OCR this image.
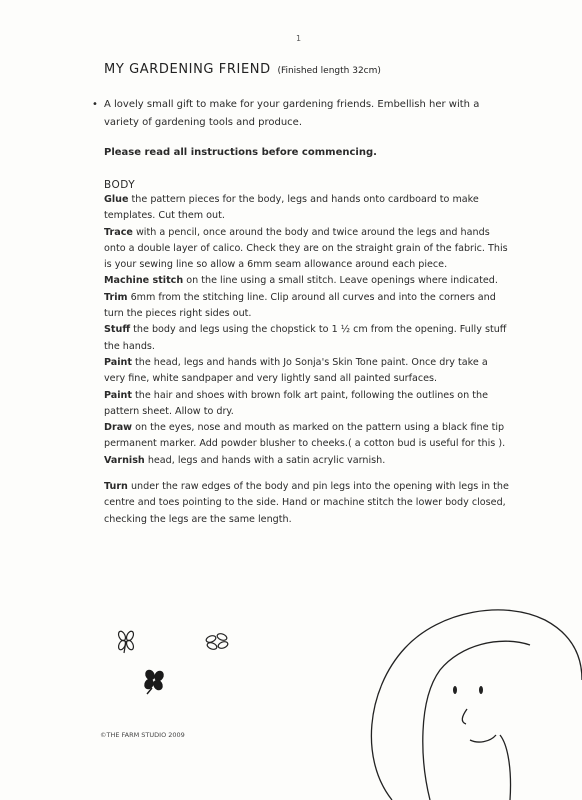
1
MY GARDENING FRIEND (Finished length 32cm)
• A lovely small gift to make for your gardening friends. Embellish her with a variety of gardening tools and produce.
Please read all instructions before commencing.
BODY

Glue the pattern pieces for the body, legs and hands onto cardboard to make templates. Cut them out.

Trace with a pencil, once around the body and twice around the legs and hands onto a double layer of calico. Check they are on the straight grain of the fabric. This is your sewing line so allow a 6mm seam allowance around each piece.

Machine stitch on the line using a small stitch. Leave openings where indicated.

Trim 6mm from the stitching line. Clip around all curves and into the corners and turn the pieces right sides out.

Stuff the body and legs using the chopstick to 1 ½ cm from the opening. Fully stuff the hands.

Paint the head, legs and hands with Jo Sonja's Skin Tone paint. Once dry take a very fine, white sandpaper and very lightly sand all painted surfaces.

Paint the hair and shoes with brown folk art paint, following the outlines on the pattern sheet. Allow to dry.

Draw on the eyes, nose and mouth as marked on the pattern using a black fine tip permanent marker. Add powder blusher to cheeks.( a cotton bud is useful for this ).

Varnish head, legs and hands with a satin acrylic varnish.

Turn under the raw edges of the body and pin legs into the opening with legs in the centre and toes pointing to the side. Hand or machine stitch the lower body closed, checking the legs are the same length.

©THE FARM STUDIO 2009
